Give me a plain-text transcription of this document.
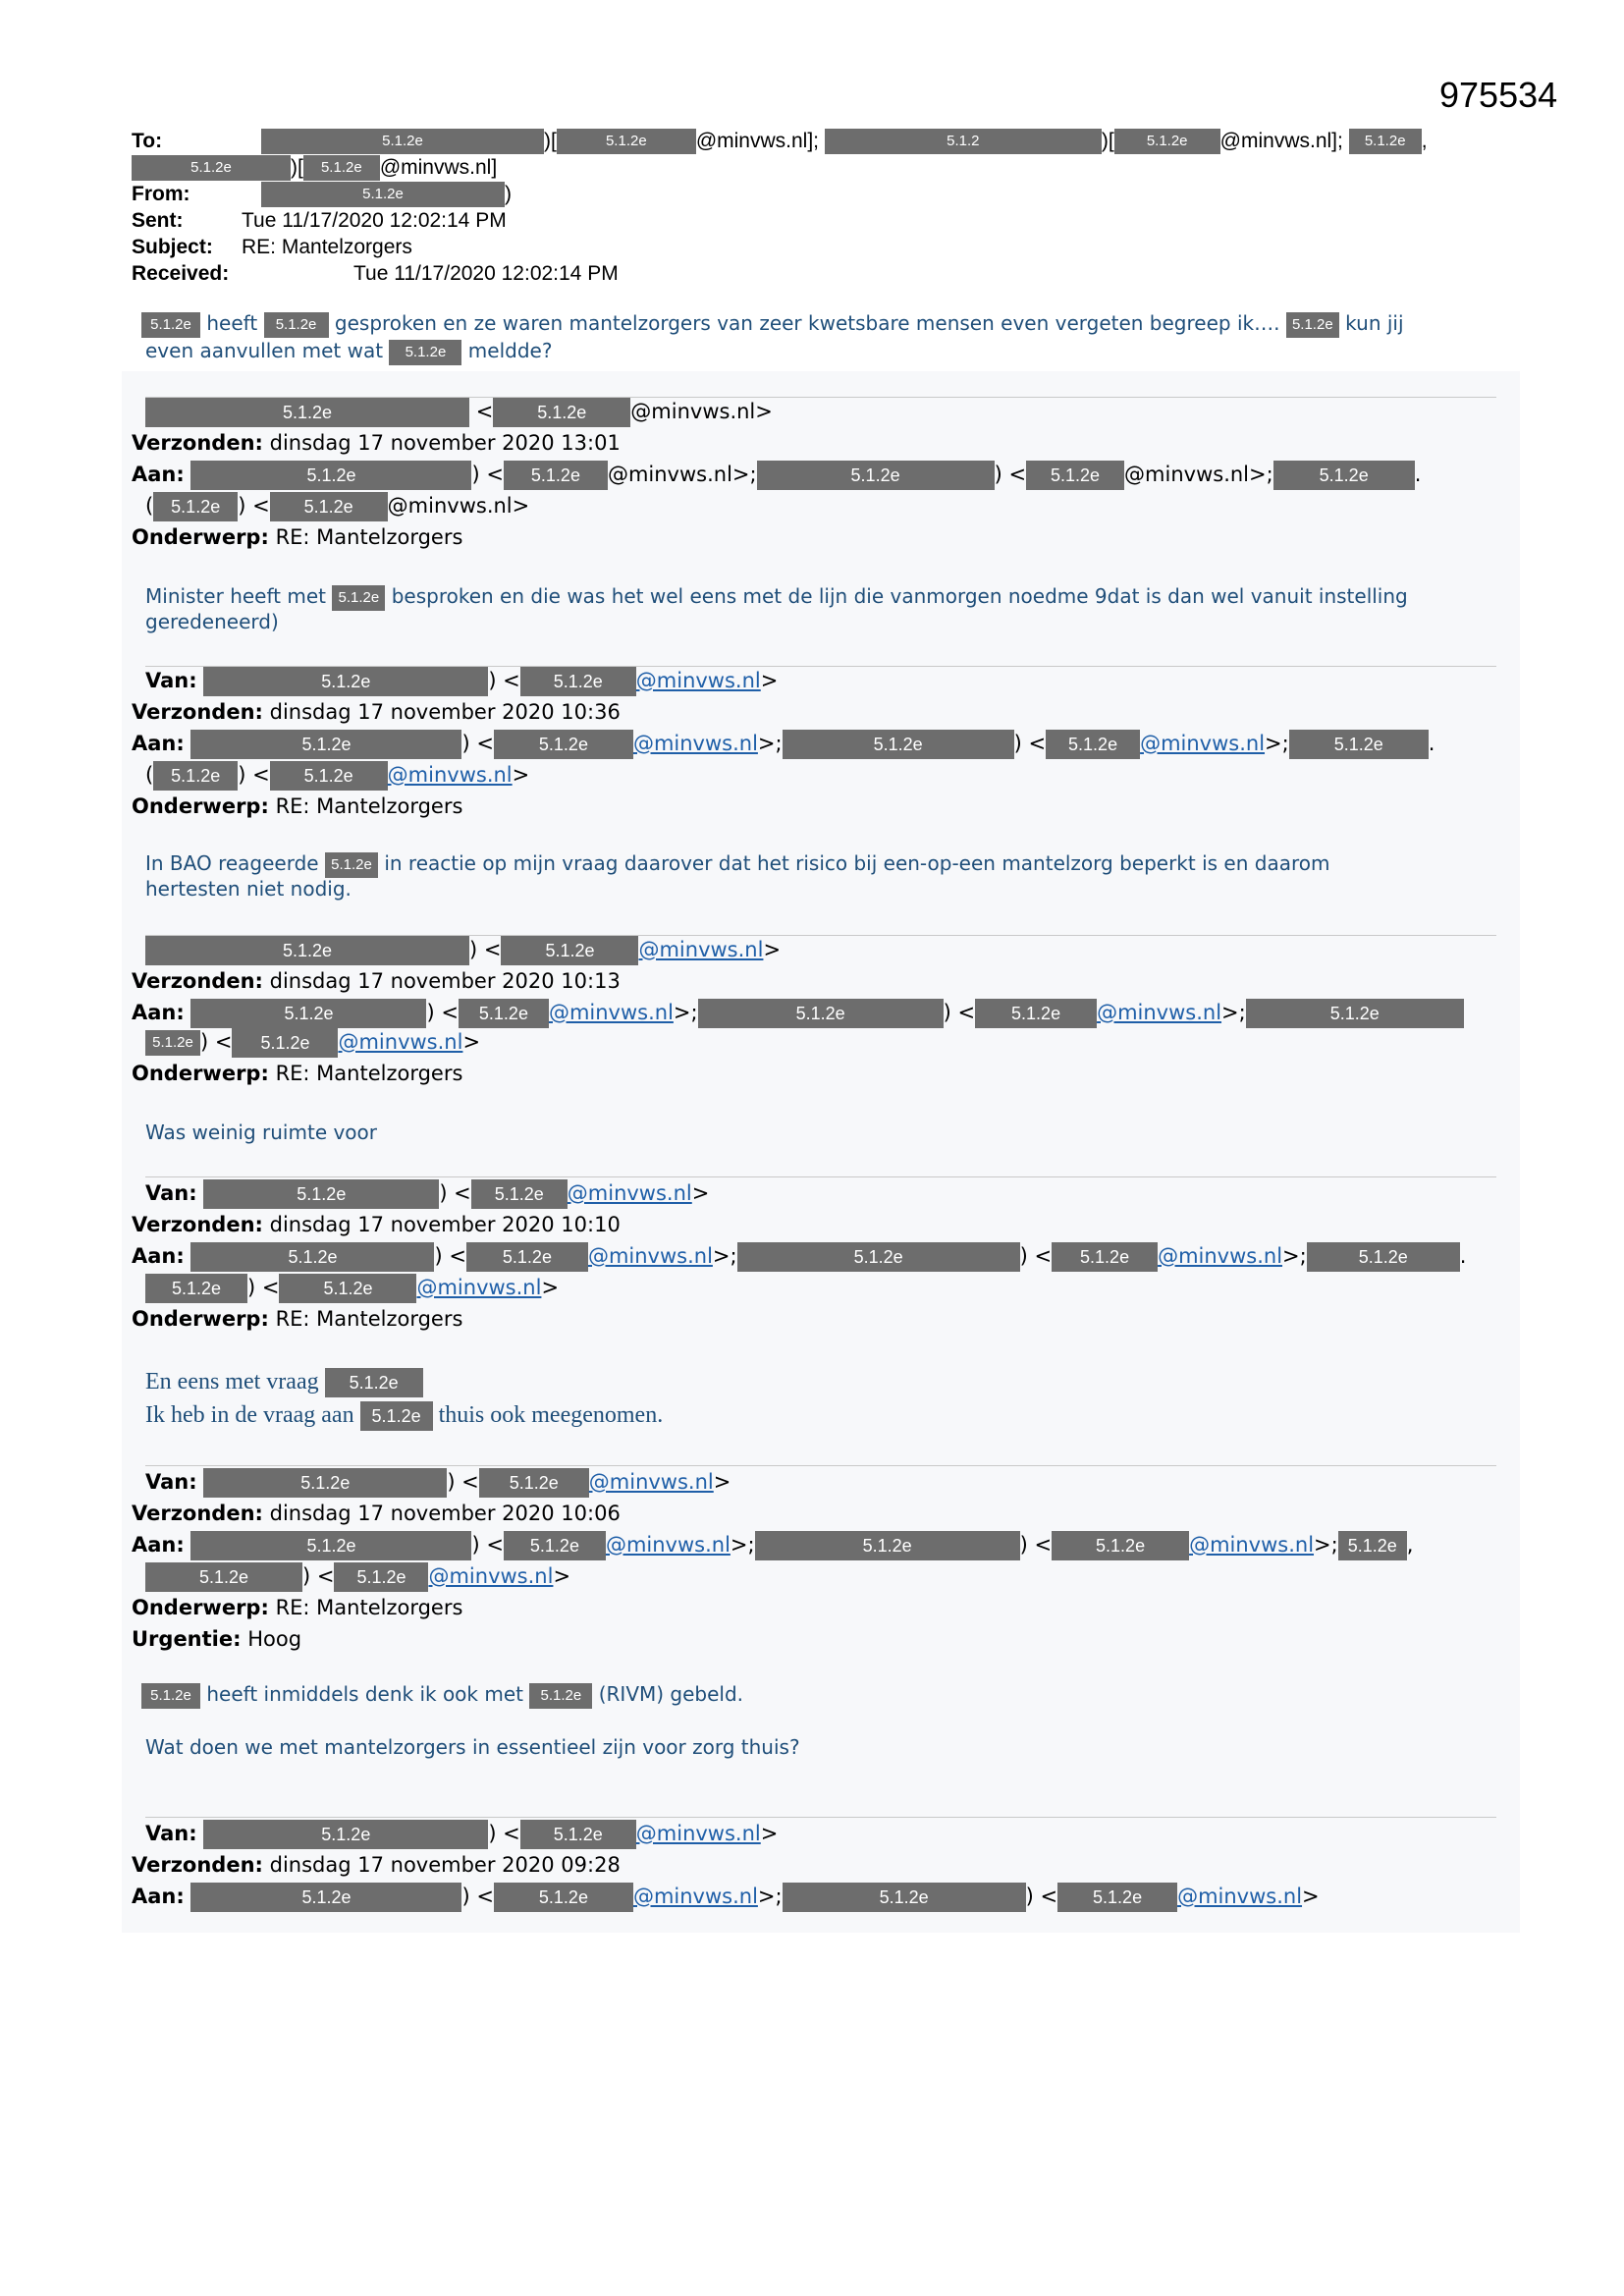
975534
To:	5.1.2e	)[	5.1.2e @minvws.nl];	5.1.2	)[ 5.1.2e @minvws.nl]; 5.1.2e ,
5.1.2e	)[ 5.1.2e @minvws.nl]
From:	5.1.2e	)
Sent:	Tue 11/17/2020 12:02:14 PM
Subject: RE: Mantelzorgers
Received:	Tue 11/17/2020 12:02:14 PM
5.1.2e heeft 5.1.2e gesproken en ze waren mantelzorgers van zeer kwetsbare mensen even vergeten begreep ik…. 5.1.2e kun jij
even aanvullen met wat 5.1.2e meldde?
5.1.2e	< 5.1.2e @minvws.nl>
Verzonden: dinsdag 17 november 2020 13:01
Aan:	5.1.2e	) < 5.1.2e @minvws.nl>;	5.1.2e	) < 5.1.2e @minvws.nl>;	5.1.2e .
( 5.1.2e ) < 5.1.2e @minvws.nl>
Onderwerp: RE: Mantelzorgers
Minister heeft met 5.1.2e besproken en die was het wel eens met de lijn die vanmorgen noedme 9dat is dan wel vanuit instelling
geredeneerd)
Van:	5.1.2e	) < 5.1.2e @minvws.nl>
Verzonden: dinsdag 17 november 2020 10:36
Aan:	5.1.2e	) <	5.1.2e @minvws.nl>;	5.1.2e	) < 5.1.2e @minvws.nl>;	5.1.2e .
( 5.1.2e ) < 5.1.2e @minvws.nl>
Onderwerp: RE: Mantelzorgers
In BAO reageerde 5.1.2e in reactie op mijn vraag daarover dat het risico bij een-op-een mantelzorg beperkt is en daarom
hertesten niet nodig.
5.1.2e	) < 5.1.2e @minvws.nl>
Verzonden: dinsdag 17 november 2020 10:13
Aan:	5.1.2e	) < 5.1.2e @minvws.nl>;	5.1.2e	) < 5.1.2e @minvws.nl>;	5.1.2e
5.1.2e ) < 5.1.2e @minvws.nl>
Onderwerp: RE: Mantelzorgers
Was weinig ruimte voor
Van:	5.1.2e	) < 5.1.2e @minvws.nl>
Verzonden: dinsdag 17 november 2020 10:10
Aan:	5.1.2e	) < 5.1.2e @minvws.nl>;	5.1.2e	) < 5.1.2e @minvws.nl>;	5.1.2e	.
5.1.2e ) < 5.1.2e @minvws.nl>
Onderwerp: RE: Mantelzorgers
En eens met vraag 5.1.2e
Ik heb in de vraag aan 5.1.2e thuis ook meegenomen.
Van:	5.1.2e	) < 5.1.2e @minvws.nl>
Verzonden: dinsdag 17 november 2020 10:06
Aan:	5.1.2e	) < 5.1.2e @minvws.nl>;	5.1.2e	) < 5.1.2e @minvws.nl>; 5.1.2e ,
5.1.2e	) < 5.1.2e @minvws.nl>
Onderwerp: RE: Mantelzorgers
Urgentie: Hoog
5.1.2e heeft inmiddels denk ik ook met 5.1.2e (RIVM) gebeld.
Wat doen we met mantelzorgers in essentieel zijn voor zorg thuis?
Van:	5.1.2e	) < 5.1.2e @minvws.nl>
Verzonden: dinsdag 17 november 2020 09:28
Aan:	5.1.2e	) <	5.1.2e @minvws.nl>;	5.1.2e	) < 5.1.2e @minvws.nl>
